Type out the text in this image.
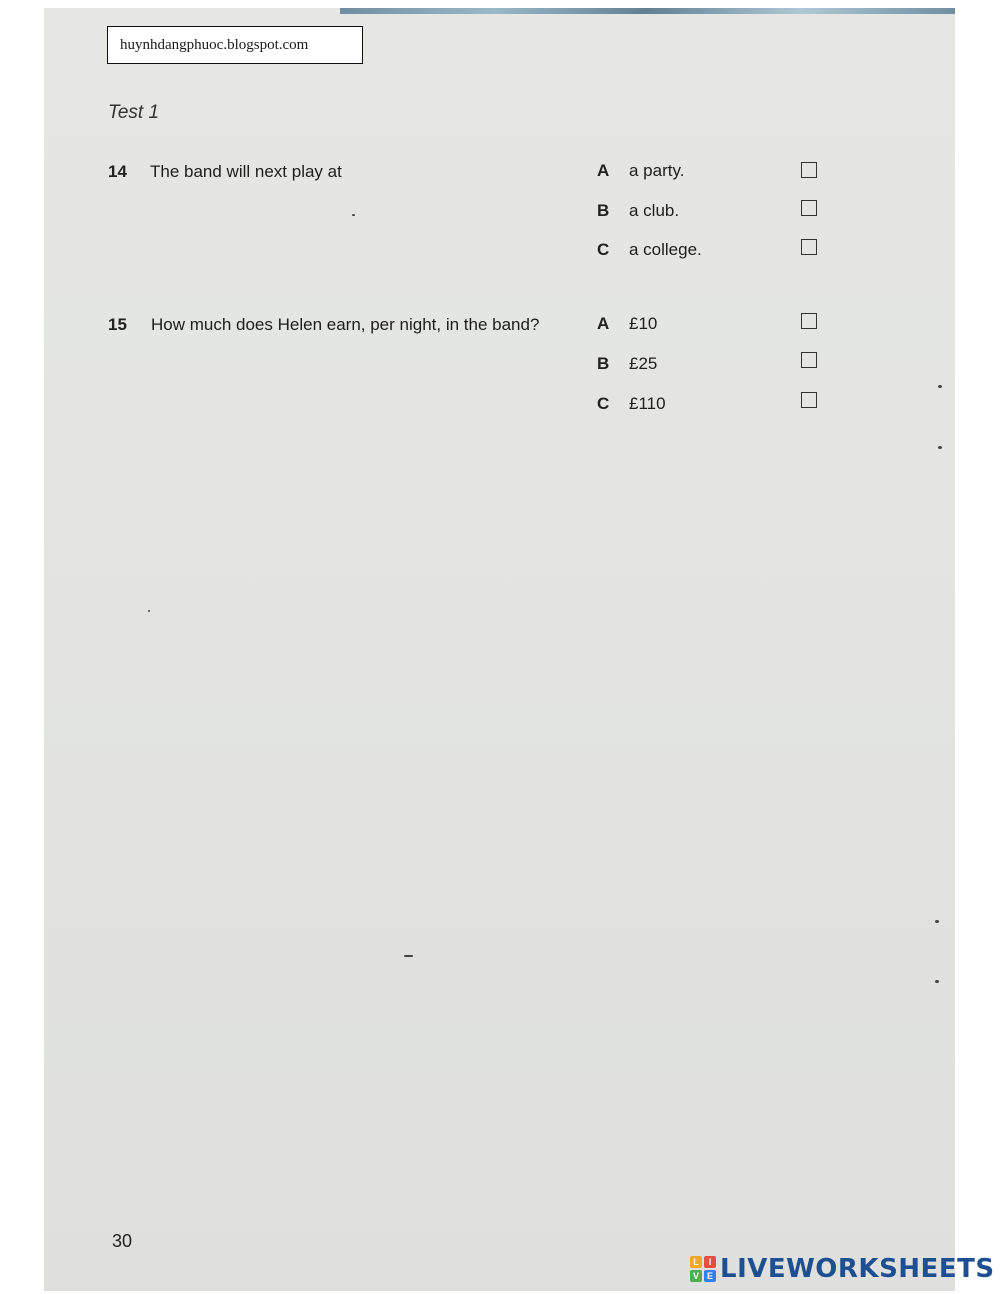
huynhdangphuoc.blogspot.com
Test 1
14 The band will next play at	A a party.
B a club.
C a college.
15 How much does Helen earn, per night, in the band?	A £10
B £25
C £110
30
L	I
V E LIVEWORKSHEETS
